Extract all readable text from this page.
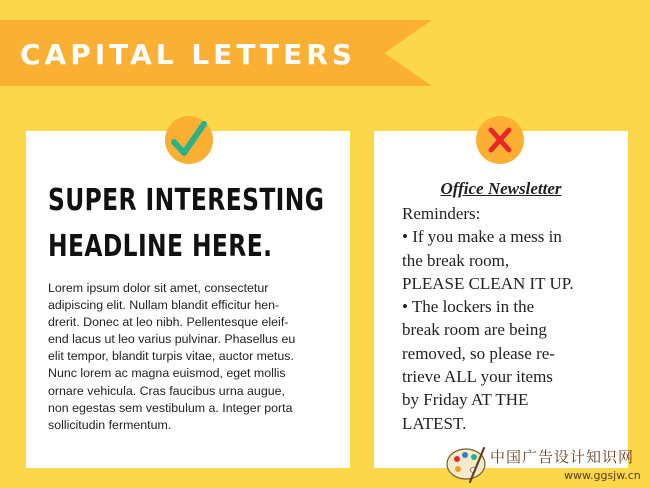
CAPITAL LETTERS
SUPER INTERESTING
HEADLINE HERE.
Lorem ipsum dolor sit amet, consectetur
adipiscing elit. Nullam blandit efficitur hen-
drerit. Donec at leo nibh. Pellentesque eleif-
end lacus ut leo varius pulvinar. Phasellus eu
elit tempor, blandit turpis vitae, auctor metus.
Nunc lorem ac magna euismod, eget mollis
ornare vehicula. Cras faucibus urna augue,
non egestas sem vestibulum a. Integer porta
sollicitudin fermentum.
Office Newsletter
Reminders:
• If you make a mess in
the break room,
PLEASE CLEAN IT UP.
• The lockers in the
break room are being
removed, so please re-
trieve ALL your items
by Friday AT THE
LATEST.
中国广告设计知识网
www.ggsjw.cn
